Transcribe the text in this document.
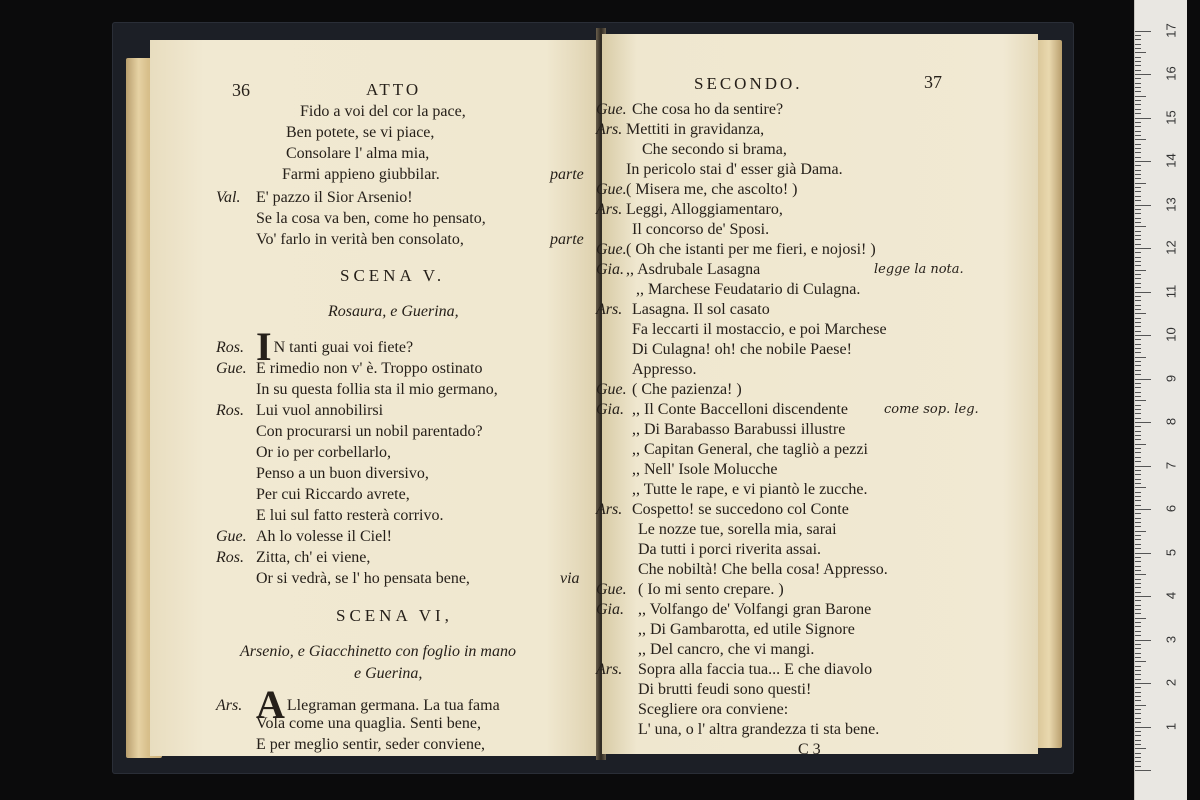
36	ATTO
Fido a voi del cor la pace,
Ben potete, se vi piace,
Consolare l' alma mia,
Farmi appieno giubbilar.	parte
Val. E' pazzo il Sior Arsenio!
Se la cosa va ben, come ho pensato,
Vo' farlo in verità ben consolato,	parte
SCENA V.
Rosaura, e Guerina,
Ros. I N tanti guai voi fiete?
Gue. E rimedio non v' è. Troppo ostinato
In su questa follia sta il mio germano,
Ros. Lui vuol annobilirsi
Con procurarsi un nobil parentado?
Or io per corbellarlo,
Penso a un buon diversivo,
Per cui Riccardo avrete,
E lui sul fatto resterà corrivo.
Gue. Ah lo volesse il Ciel!
Ros. Zitta, ch' ei viene,
Or si vedrà, se l' ho pensata bene,	via
SCENA VI,
Arsenio, e Giacchinetto con foglio in mano
e Guerina,
Ars. A Llegraman germana. La tua fama
Vola come una quaglia. Senti bene,
E per meglio sentir, seder conviene,
SECONDO.	37
Gue. Che cosa ho da sentire?
Ars. Mettiti in gravidanza,
Che secondo si brama,
In pericolo stai d' esser già Dama.
Gue. ( Misera me, che ascolto! )
Ars. Leggi, Alloggiamentaro,
Il concorso de' Sposi.
Gue. ( Oh che istanti per me fieri, e nojosi! )
Gia. ,, Asdrubale Lasagna	legge la nota.
,, Marchese Feudatario di Culagna.
Ars. Lasagna. Il sol casato
Fa leccarti il mostaccio, e poi Marchese
Di Culagna! oh! che nobile Paese!
Appresso.
Gue. ( Che pazienza! )
Gia. ,, Il Conte Baccelloni discendente	come sop. leg.
,, Di Barabasso Barabussi illustre
,, Capitan General, che tagliò a pezzi
,, Nell' Isole Molucche
,, Tutte le rape, e vi piantò le zucche.
Ars. Cospetto! se succedono col Conte
Le nozze tue, sorella mia, sarai
Da tutti i porci riverita assai.
Che nobiltà! Che bella cosa! Appresso.
Gue. ( Io mi sento crepare. )
Gia. ,, Volfango de' Volfangi gran Barone
,, Di Gambarotta, ed utile Signore
,, Del cancro, che vi mangi.
Ars. Sopra alla faccia tua... E che diavolo
Di brutti feudi sono questi!
Scegliere ora conviene:
L' una, o l' altra grandezza ti sta bene.
C 3
1
2
3
4
5
6
7
8
9
10
11
12
13
14
15
16
17
